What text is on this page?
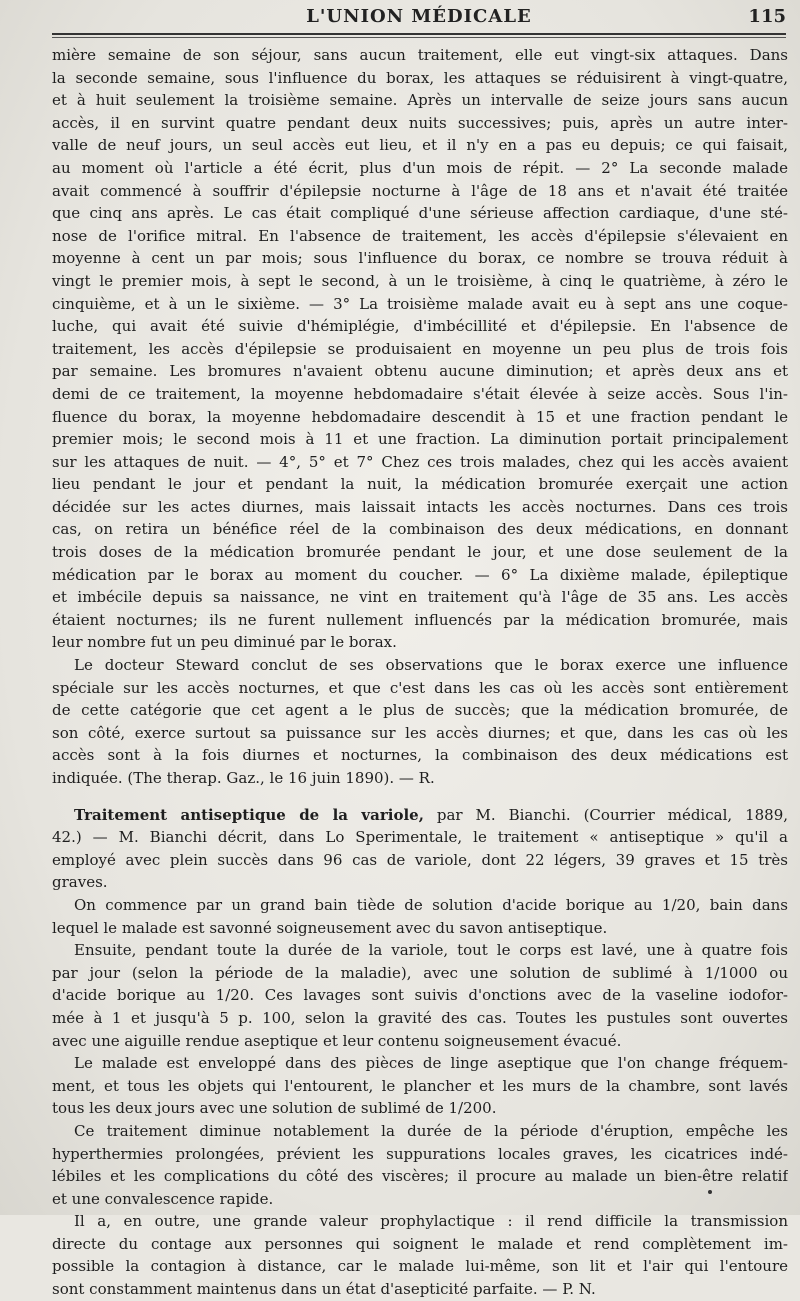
L'UNION MÉDICALE	115
mière semaine de son séjour, sans aucun traitement, elle eut vingt-six attaques. Dans
la seconde semaine, sous l'influence du borax, les attaques se réduisirent à vingt-quatre,
et à huit seulement la troisième semaine. Après un intervalle de seize jours sans aucun
accès, il en survint quatre pendant deux nuits successives; puis, après un autre inter-
valle de neuf jours, un seul accès eut lieu, et il n'y en a pas eu depuis; ce qui faisait,
au moment où l'article a été écrit, plus d'un mois de répit. — 2° La seconde malade
avait commencé à souffrir d'épilepsie nocturne à l'âge de 18 ans et n'avait été traitée
que cinq ans après. Le cas était compliqué d'une sérieuse affection cardiaque, d'une sté-
nose de l'orifice mitral. En l'absence de traitement, les accès d'épilepsie s'élevaient en
moyenne à cent un par mois; sous l'influence du borax, ce nombre se trouva réduit à
vingt le premier mois, à sept le second, à un le troisième, à cinq le quatrième, à zéro le
cinquième, et à un le sixième. — 3° La troisième malade avait eu à sept ans une coque-
luche, qui avait été suivie d'hémiplégie, d'imbécillité et d'épilepsie. En l'absence de
traitement, les accès d'épilepsie se produisaient en moyenne un peu plus de trois fois
par semaine. Les bromures n'avaient obtenu aucune diminution; et après deux ans et
demi de ce traitement, la moyenne hebdomadaire s'était élevée à seize accès. Sous l'in-
fluence du borax, la moyenne hebdomadaire descendit à 15 et une fraction pendant le
premier mois; le second mois à 11 et une fraction. La diminution portait principalement
sur les attaques de nuit. — 4°, 5° et 7° Chez ces trois malades, chez qui les accès avaient
lieu pendant le jour et pendant la nuit, la médication bromurée exerçait une action
décidée sur les actes diurnes, mais laissait intacts les accès nocturnes. Dans ces trois
cas, on retira un bénéfice réel de la combinaison des deux médications, en donnant
trois doses de la médication bromurée pendant le jour, et une dose seulement de la
médication par le borax au moment du coucher. — 6° La dixième malade, épileptique
et imbécile depuis sa naissance, ne vint en traitement qu'à l'âge de 35 ans. Les accès
étaient nocturnes; ils ne furent nullement influencés par la médication bromurée, mais
leur nombre fut un peu diminué par le borax.
Le docteur Steward conclut de ses observations que le borax exerce une influence
spéciale sur les accès nocturnes, et que c'est dans les cas où les accès sont entièrement
de cette catégorie que cet agent a le plus de succès; que la médication bromurée, de
son côté, exerce surtout sa puissance sur les accès diurnes; et que, dans les cas où les
accès sont à la fois diurnes et nocturnes, la combinaison des deux médications est
indiquée. (The therap. Gaz., le 16 juin 1890). — R.
Traitement antiseptique de la variole, par M. Bianchi. (Courrier médical, 1889,
42.) — M. Bianchi décrit, dans Lo Sperimentale, le traitement « antiseptique » qu'il a
employé avec plein succès dans 96 cas de variole, dont 22 légers, 39 graves et 15 très
graves.
On commence par un grand bain tiède de solution d'acide borique au 1/20, bain dans
lequel le malade est savonné soigneusement avec du savon antiseptique.
Ensuite, pendant toute la durée de la variole, tout le corps est lavé, une à quatre fois
par jour (selon la période de la maladie), avec une solution de sublimé à 1/1000 ou
d'acide borique au 1/20. Ces lavages sont suivis d'onctions avec de la vaseline iodofor-
mée à 1 et jusqu'à 5 p. 100, selon la gravité des cas. Toutes les pustules sont ouvertes
avec une aiguille rendue aseptique et leur contenu soigneusement évacué.
Le malade est enveloppé dans des pièces de linge aseptique que l'on change fréquem-
ment, et tous les objets qui l'entourent, le plancher et les murs de la chambre, sont lavés
tous les deux jours avec une solution de sublimé de 1/200.
Ce traitement diminue notablement la durée de la période d'éruption, empêche les
hyperthermies prolongées, prévient les suppurations locales graves, les cicatrices indé-
lébiles et les complications du côté des viscères; il procure au malade un bien-être relatif
et une convalescence rapide.
Il a, en outre, une grande valeur prophylactique : il rend difficile la transmission
directe du contage aux personnes qui soignent le malade et rend complètement im-
possible la contagion à distance, car le malade lui-même, son lit et l'air qui l'entoure
sont constamment maintenus dans un état d'asepticité parfaite. — P. N.
